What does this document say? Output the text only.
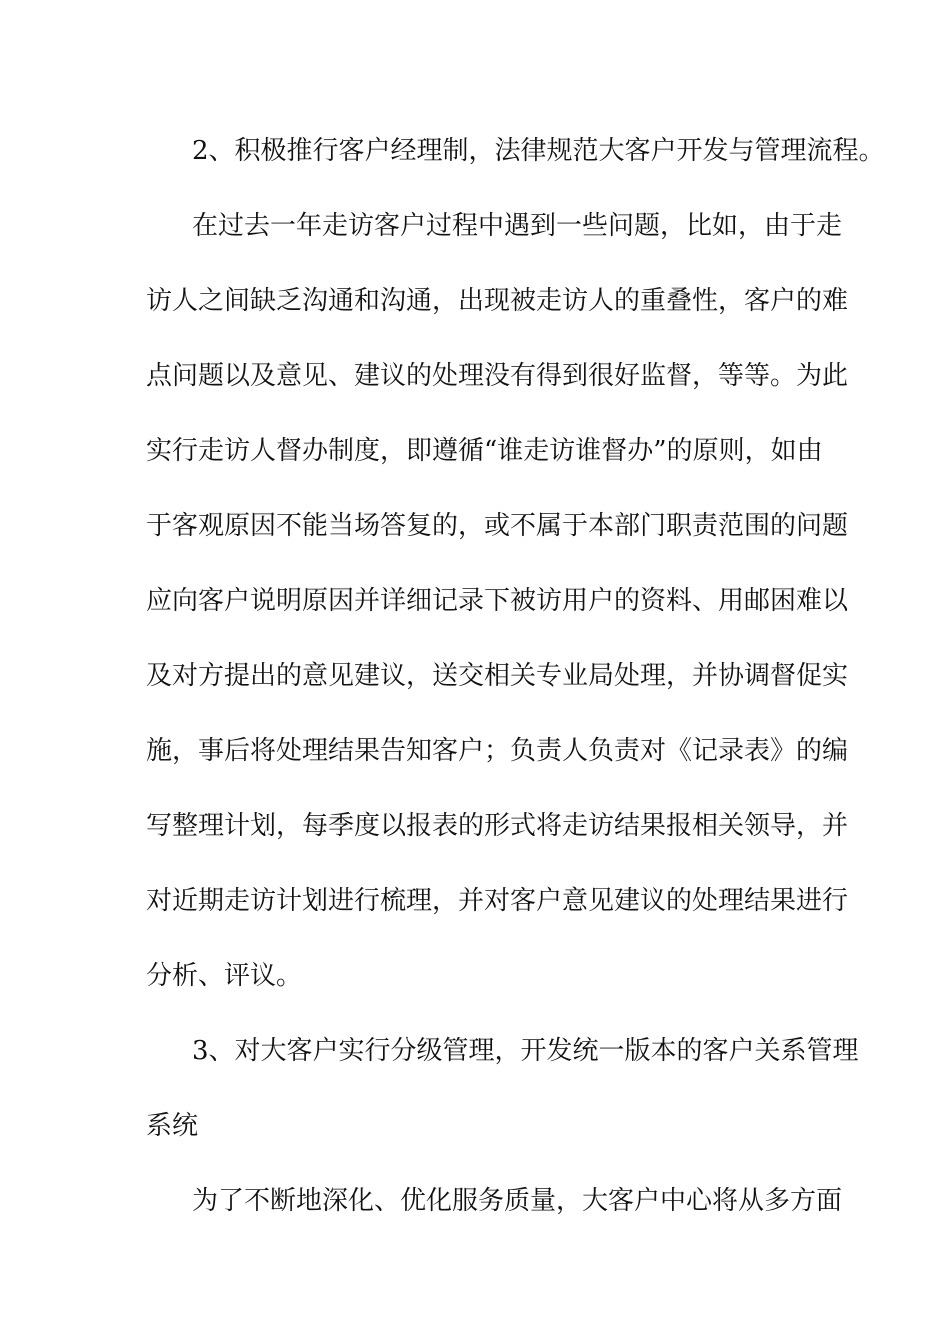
2、积极推行客户经理制，法律规范大客户开发与管理流程。
在过去一年走访客户过程中遇到一些问题，比如，由于走
访人之间缺乏沟通和沟通，出现被走访人的重叠性，客户的难
点问题以及意见、建议的处理没有得到很好监督，等等。为此
实行走访人督办制度，即遵循“谁走访谁督办”的原则，如由
于客观原因不能当场答复的，或不属于本部门职责范围的问题
应向客户说明原因并详细记录下被访用户的资料、用邮困难以
及对方提出的意见建议，送交相关专业局处理，并协调督促实
施，事后将处理结果告知客户；负责人负责对《记录表》的编
写整理计划，每季度以报表的形式将走访结果报相关领导，并
对近期走访计划进行梳理，并对客户意见建议的处理结果进行
分析、评议。
3、对大客户实行分级管理，开发统一版本的客户关系管理
系统
为了不断地深化、优化服务质量，大客户中心将从多方面
